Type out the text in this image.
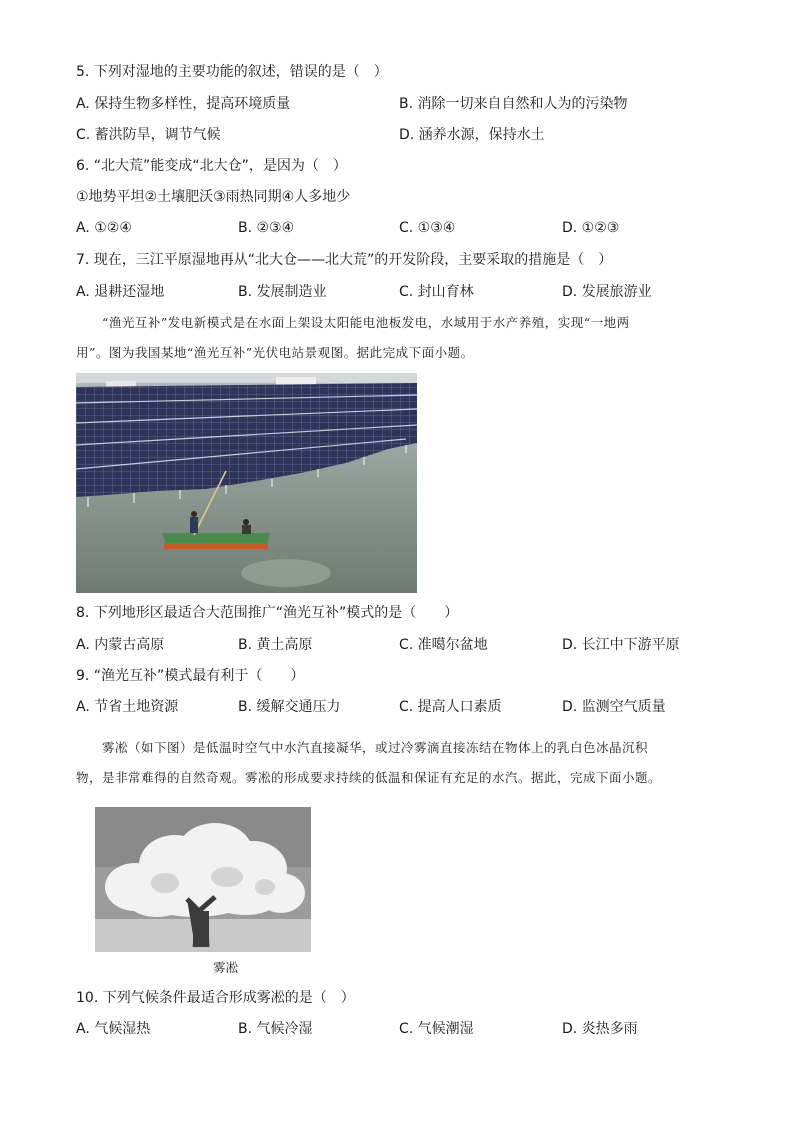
5. 下列对湿地的主要功能的叙述，错误的是（　）
A. 保持生物多样性，提高环境质量	B. 消除一切来自自然和人为的污染物
C. 蓄洪防旱，调节气候	D. 涵养水源，保持水土
6. “北大荒”能变成“北大仓”，是因为（　）
①地势平坦②土壤肥沃③雨热同期④人多地少
A. ①②④	B. ②③④	C. ①③④	D. ①②③
7. 现在，三江平原湿地再从“北大仓——北大荒”的开发阶段，主要采取的措施是（　）
A. 退耕还湿地	B. 发展制造业	C. 封山育林	D. 发展旅游业

“渔光互补”发电新模式是在水面上架设太阳能电池板发电，水域用于水产养殖，实现“一地两

用”。图为我国某地“渔光互补”光伏电站景观图。据此完成下面小题。

8. 下列地形区最适合大范围推广“渔光互补”模式的是（　　）
A. 内蒙古高原	B. 黄土高原	C. 准噶尔盆地	D. 长江中下游平原
9. “渔光互补”模式最有利于（　　）
A. 节省土地资源	B. 缓解交通压力	C. 提高人口素质	D. 监测空气质量

雾凇（如下图）是低温时空气中水汽直接凝华，或过冷雾滴直接冻结在物体上的乳白色冰晶沉积

物，是非常难得的自然奇观。雾凇的形成要求持续的低温和保证有充足的水汽。据此，完成下面小题。

雾凇
10. 下列气候条件最适合形成雾凇的是（　）
A. 气候湿热	B. 气候冷湿	C. 气候潮湿	D. 炎热多雨
